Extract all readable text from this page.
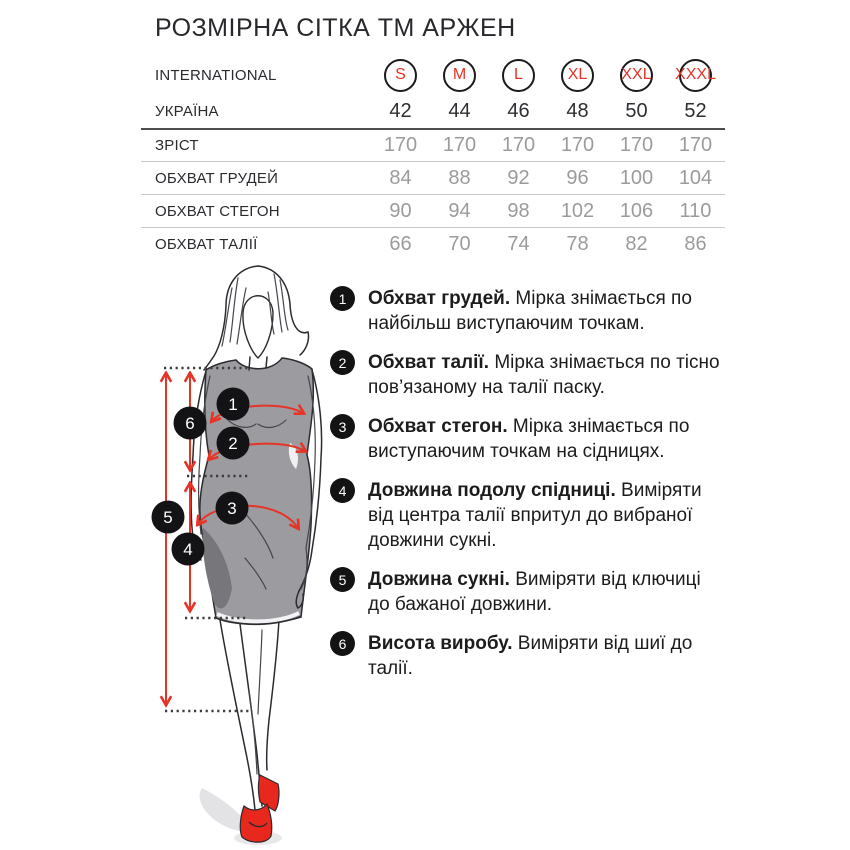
РОЗМІРНА СІТКА ТМ АРЖЕН
INTERNATIONAL	S	M	L	XL XXL XXXL
УКРАЇНА	42	44	46	48	50	52
ЗРІСТ	170	170	170	170	170	170
ОБХВАТ ГРУДЕЙ	84	88	92	96	100	104
ОБХВАТ СТЕГОН	90	94	98	102	106	110
ОБХВАТ ТАЛІЇ	66	70	74	78	82	86
1
2
3
4
5
6
1	Обхват грудей. Мірка знімається по найбільш виступаючим точкам.
2	Обхват талії. Мірка знімається по тісно пов’язаному на талії паску.
3	Обхват стегон. Мірка знімається по виступаючим точкам на сідницях.
4	Довжина подолу спідниці. Виміряти від центра талії впритул до вибраної довжини сукні.
5	Довжина сукні. Виміряти від ключиці до бажаної довжини.
6	Висота виробу. Виміряти від шиї до талії.
